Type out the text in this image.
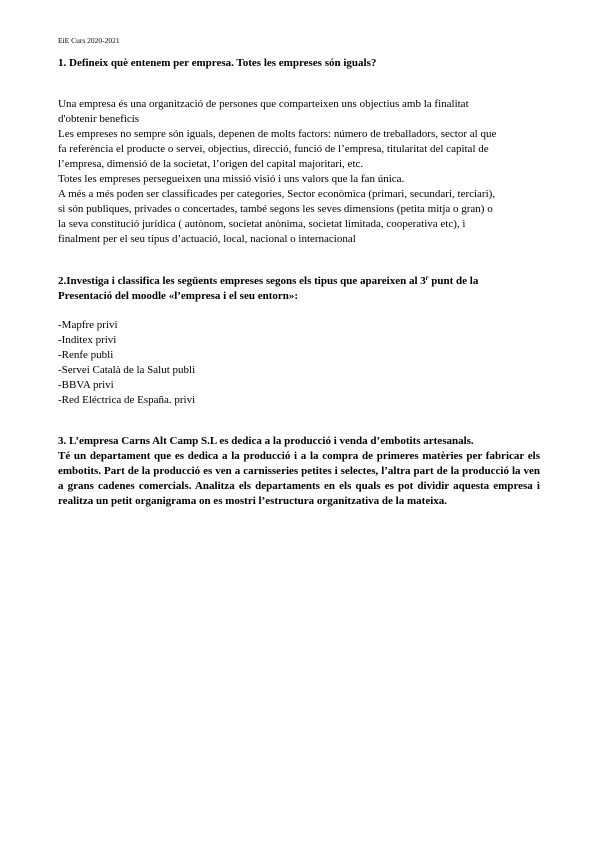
EiE Curs 2020-2021
1. Defineix què entenem per empresa. Totes les empreses són iguals?
Una empresa és una organització de persones que comparteixen uns objectius amb la finalitat
d'obtenir beneficis
Les empreses no sempre són iguals, depenen de molts factors: número de treballadors, sector al que
fa referència el producte o servei, objectius, direcció, funció de l’empresa, titularitat del capital de
l’empresa, dimensió de la societat, l’origen del capital majoritari, etc.
Totes les empreses persegueixen una missió visió i uns valors que la fan única.
A més a més poden ser classificades per categories, Sector econòmica (primari, secundari, terciari),
si són publiques, privades o concertades, també segons les seves dimensions (petita mitja o gran) o
la seva constitució jurídica ( autònom, societat anònima, societat limitada, cooperativa etc), i
finalment per el seu tipus d’actuació, local, nacional o internacional
2.Investiga i classifica les següents empreses segons els tipus que apareixen al 3$^r$ punt de la
Presentació del moodle «l’empresa i el seu entorn»:
-Mapfre privi
-Inditex privi
-Renfe publi
-Servei Català de la Salut publi
-BBVA privi
-Red Eléctrica de España. privi
3. L’empresa Carns Alt Camp S.L es dedica a la producció i venda d’embotits artesanals.
Té un departament que es dedica a la producció i a la compra de primeres matèries per fabricar els embotits. Part de la producció es ven a carnisseries petites i selectes, l’altra part de la producció la ven a grans cadenes comercials. Analitza els departaments en els quals es pot dividir aquesta empresa i realitza un petit organigrama on es mostri l’estructura organitzativa de la mateixa.
